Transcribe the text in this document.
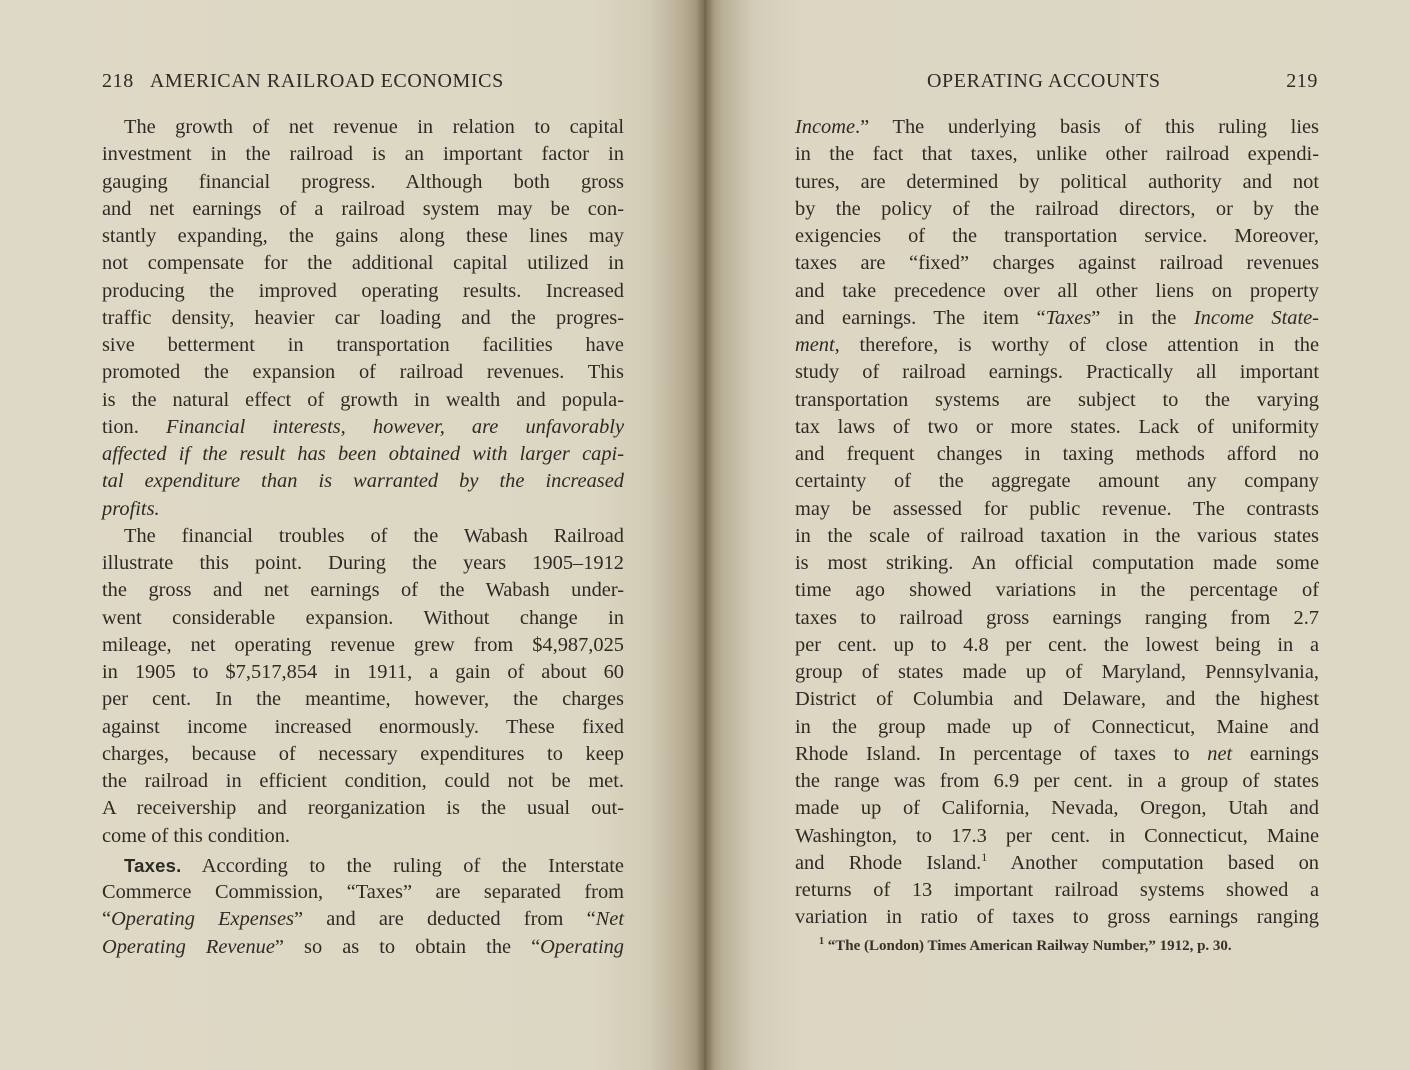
218 AMERICAN RAILROAD ECONOMICS
The growth of net revenue in relation to capital
investment in the railroad is an important factor in
gauging financial progress. Although both gross
and net earnings of a railroad system may be con-
stantly expanding, the gains along these lines may
not compensate for the additional capital utilized in
producing the improved operating results. Increased
traffic density, heavier car loading and the progres-
sive betterment in transportation facilities have
promoted the expansion of railroad revenues. This
is the natural effect of growth in wealth and popula-
tion. Financial interests, however, are unfavorably
affected if the result has been obtained with larger capi-
tal expenditure than is warranted by the increased
profits.
The financial troubles of the Wabash Railroad
illustrate this point. During the years 1905–1912
the gross and net earnings of the Wabash under-
went considerable expansion. Without change in
mileage, net operating revenue grew from $4,987,025
in 1905 to $7,517,854 in 1911, a gain of about 60
per cent. In the meantime, however, the charges
against income increased enormously. These fixed
charges, because of necessary expenditures to keep
the railroad in efficient condition, could not be met.
A receivership and reorganization is the usual out-
come of this condition.
Taxes. According to the ruling of the Interstate
Commerce Commission, “Taxes” are separated from
“Operating Expenses” and are deducted from “Net
Operating Revenue” so as to obtain the “Operating
OPERATING ACCOUNTS	219
Income.” The underlying basis of this ruling lies
in the fact that taxes, unlike other railroad expendi-
tures, are determined by political authority and not
by the policy of the railroad directors, or by the
exigencies of the transportation service. Moreover,
taxes are “fixed” charges against railroad revenues
and take precedence over all other liens on property
and earnings. The item “Taxes” in the Income State-
ment, therefore, is worthy of close attention in the
study of railroad earnings. Practically all important
transportation systems are subject to the varying
tax laws of two or more states. Lack of uniformity
and frequent changes in taxing methods afford no
certainty of the aggregate amount any company
may be assessed for public revenue. The contrasts
in the scale of railroad taxation in the various states
is most striking. An official computation made some
time ago showed variations in the percentage of
taxes to railroad gross earnings ranging from 2.7
per cent. up to 4.8 per cent. the lowest being in a
group of states made up of Maryland, Pennsylvania,
District of Columbia and Delaware, and the highest
in the group made up of Connecticut, Maine and
Rhode Island. In percentage of taxes to net earnings
the range was from 6.9 per cent. in a group of states
made up of California, Nevada, Oregon, Utah and
Washington, to 17.3 per cent. in Connecticut, Maine
and Rhode Island.$^1$ Another computation based on
returns of 13 important railroad systems showed a
variation in ratio of taxes to gross earnings ranging
$^1$ “The (London) Times American Railway Number,” 1912, p. 30.
